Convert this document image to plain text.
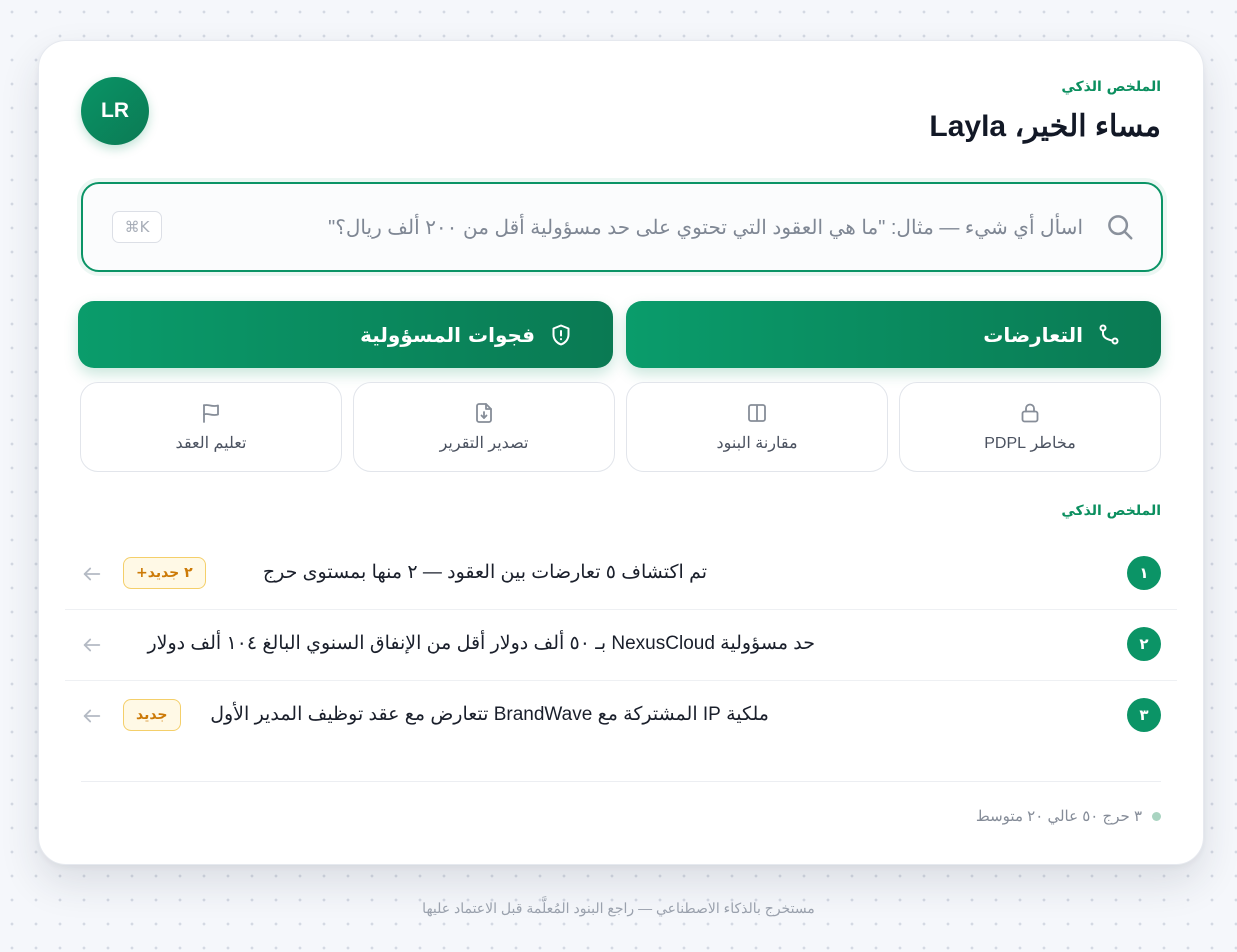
الملخص الذكي
مساء الخير، Layla
LR
اسأل أي شيء — مثال: "ما هي العقود التي تحتوي على حد مسؤولية أقل من ٢٠٠ ألف ريال؟"
⌘K
التعارضات
فجوات المسؤولية
مخاطر PDPL
مقارنة البنود
تصدير التقرير
تعليم العقد
الملخص الذكي
١
تم اكتشاف ٥ تعارضات بين العقود — ٢ منها بمستوى حرج
٢ جديد+
٢
حد مسؤولية NexusCloud بـ ٥٠ ألف دولار أقل من الإنفاق السنوي البالغ ١٠٤ ألف دولار
٣
ملكية IP المشتركة مع BrandWave تتعارض مع عقد توظيف المدير الأول
جديد
٣ حرج ٥٠ عالي ٢٠ متوسط
مستخرج بالذكاء الاصطناعي — راجع البنود المُعلَّمة قبل الاعتماد عليها
